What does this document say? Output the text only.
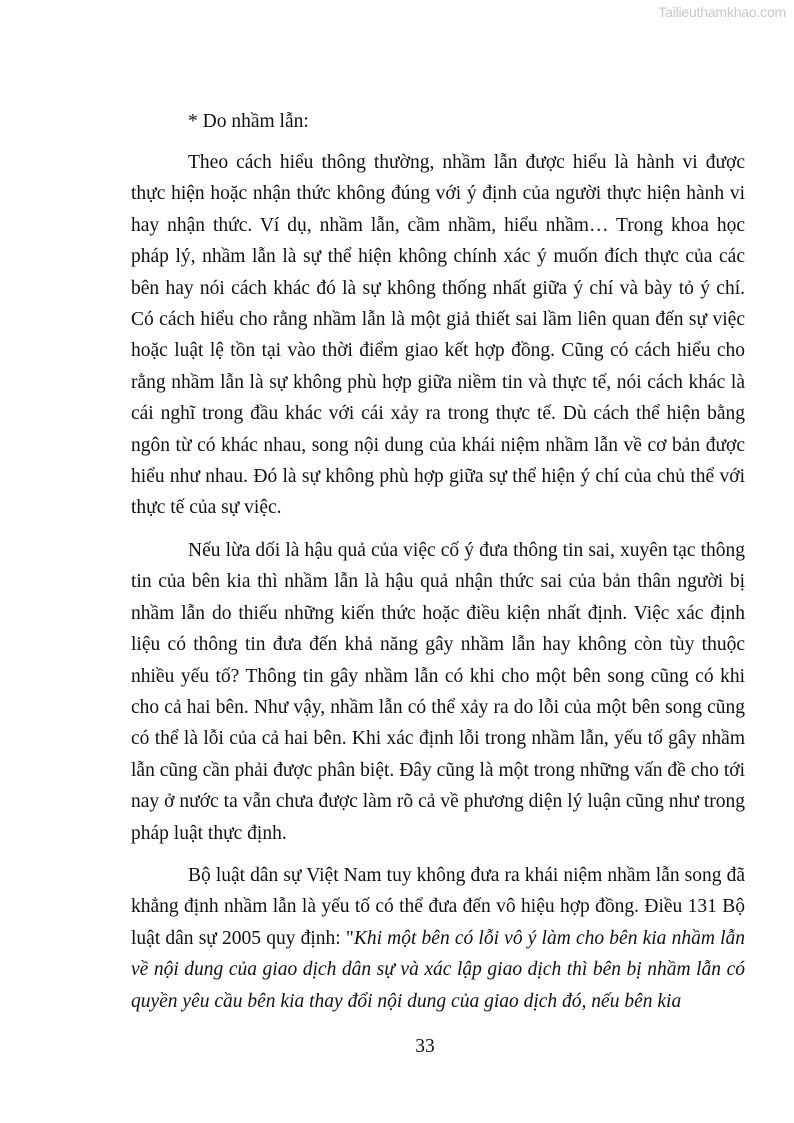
Tailieuthamkhao.com

* Do nhầm lẫn:

Theo cách hiểu thông thường, nhầm lẫn được hiểu là hành vi được thực hiện hoặc nhận thức không đúng với ý định của người thực hiện hành vi hay nhận thức. Ví dụ, nhầm lẫn, cầm nhầm, hiểu nhầm… Trong khoa học pháp lý, nhầm lẫn là sự thể hiện không chính xác ý muốn đích thực của các bên hay nói cách khác đó là sự không thống nhất giữa ý chí và bày tỏ ý chí. Có cách hiểu cho rằng nhầm lẫn là một giả thiết sai lầm liên quan đến sự việc hoặc luật lệ tồn tại vào thời điểm giao kết hợp đồng. Cũng có cách hiểu cho rằng nhầm lẫn là sự không phù hợp giữa niềm tin và thực tế, nói cách khác là cái nghĩ trong đầu khác với cái xảy ra trong thực tế. Dù cách thể hiện bằng ngôn từ có khác nhau, song nội dung của khái niệm nhầm lẫn về cơ bản được hiểu như nhau. Đó là sự không phù hợp giữa sự thể hiện ý chí của chủ thể với thực tế của sự việc.

Nếu lừa dối là hậu quả của việc cố ý đưa thông tin sai, xuyên tạc thông tin của bên kia thì nhầm lẫn là hậu quả nhận thức sai của bản thân người bị nhầm lẫn do thiếu những kiến thức hoặc điều kiện nhất định. Việc xác định liệu có thông tin đưa đến khả năng gây nhầm lẫn hay không còn tùy thuộc nhiều yếu tố? Thông tin gây nhầm lẫn có khi cho một bên song cũng có khi cho cả hai bên. Như vậy, nhầm lẫn có thể xảy ra do lỗi của một bên song cũng có thể là lỗi của cả hai bên. Khi xác định lỗi trong nhầm lẫn, yếu tố gây nhầm lẫn cũng cần phải được phân biệt. Đây cũng là một trong những vấn đề cho tới nay ở nước ta vẫn chưa được làm rõ cả về phương diện lý luận cũng như trong pháp luật thực định.

Bộ luật dân sự Việt Nam tuy không đưa ra khái niệm nhầm lẫn song đã khẳng định nhầm lẫn là yếu tố có thể đưa đến vô hiệu hợp đồng. Điều 131 Bộ luật dân sự 2005 quy định: "Khi một bên có lỗi vô ý làm cho bên kia nhầm lẫn về nội dung của giao dịch dân sự và xác lập giao dịch thì bên bị nhầm lẫn có quyền yêu cầu bên kia thay đổi nội dung của giao dịch đó, nếu bên kia

33
